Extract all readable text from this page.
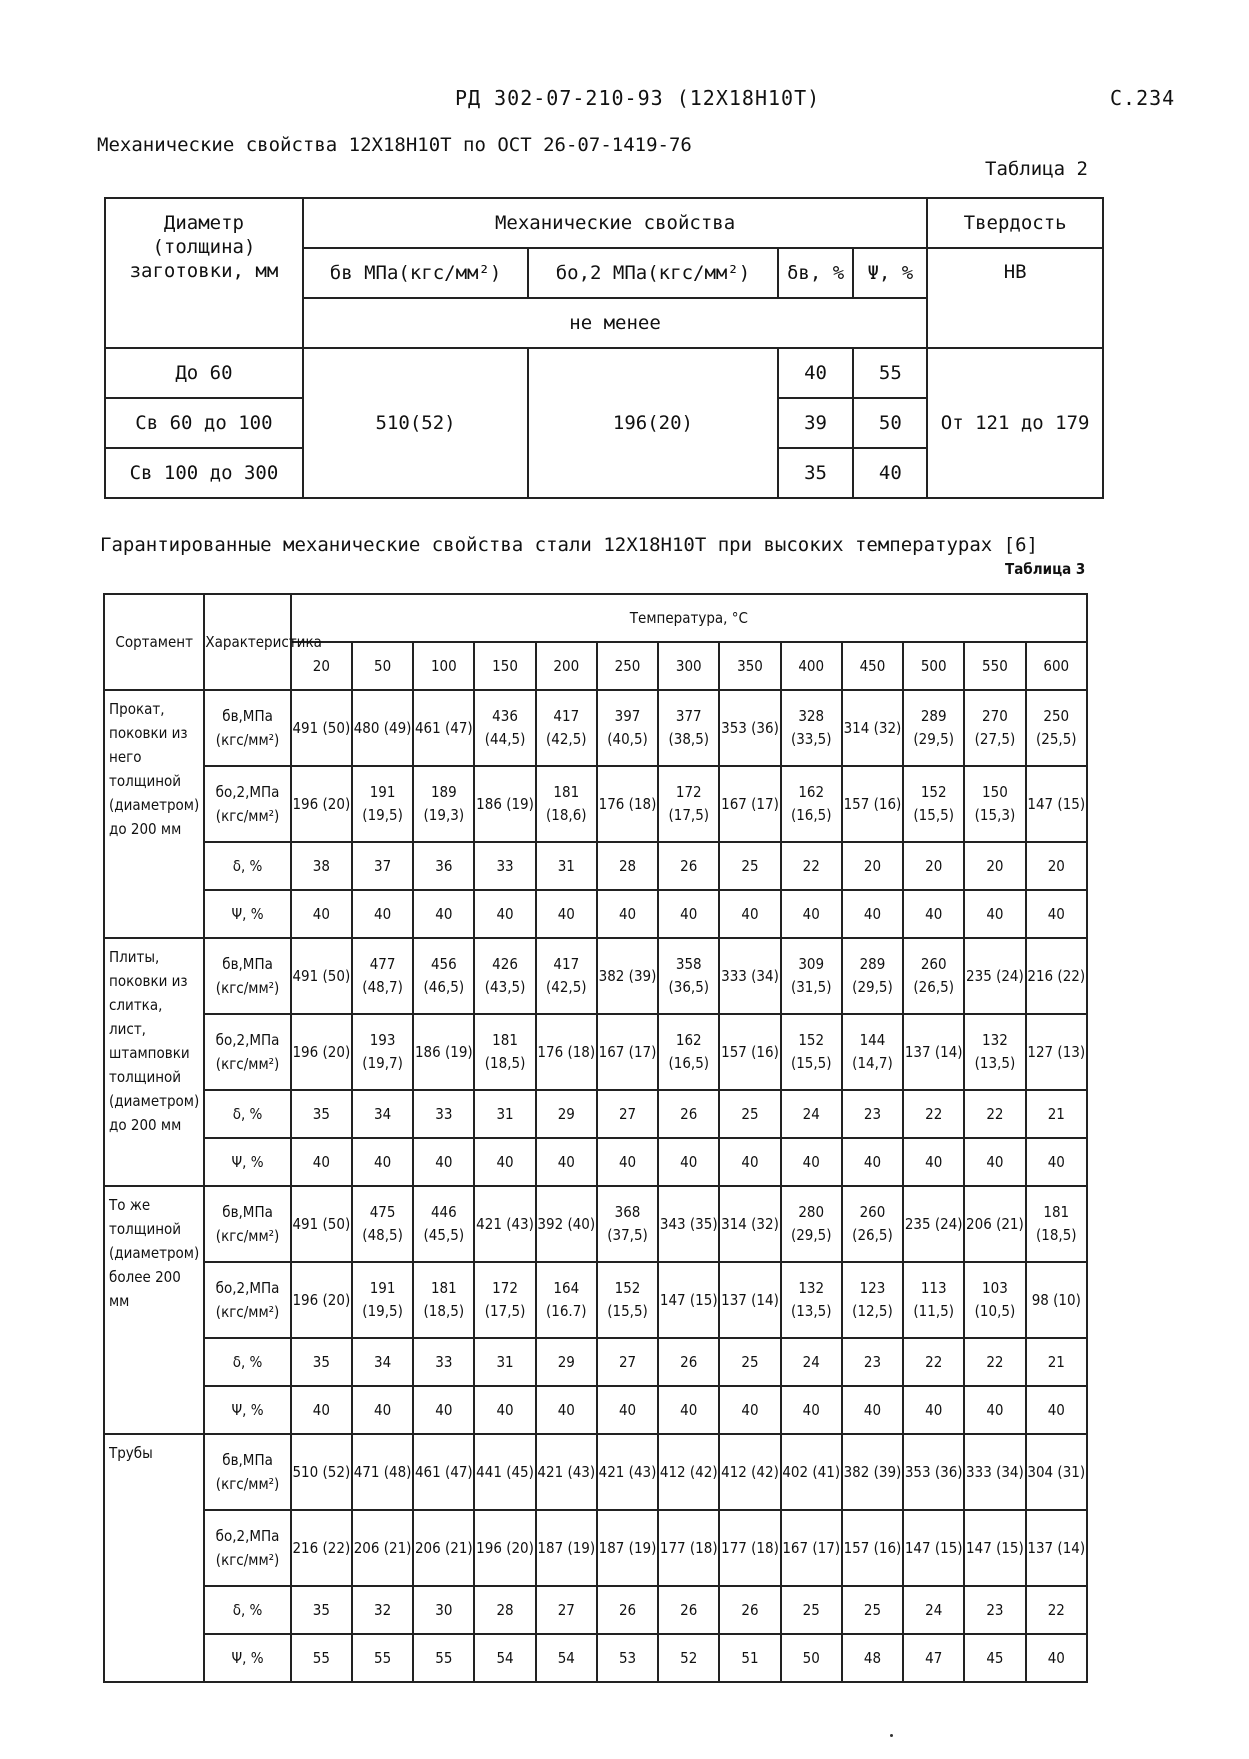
РД 302-07-210-93 (12Х18Н10Т)	С.234
Механические свойства 12Х18Н10Т по ОСТ 26-07-1419-76
Таблица 2
Диаметр (толщина) заготовки, мм	Механические свойства				Твердость
	бв МПа(кгс/мм²)	бо,2 МПа(кгс/мм²)	δв, %	Ψ, %	НВ
	не менее				
До 60	510(52)	196(20)	40	55	От 121 до 179
Св 60 до 100			39	50	
Св 100 до 300			35	40	
Гарантированные механические свойства стали 12Х18Н10Т при высоких температурах [6]
Таблица 3
Сортамент	Характеристика	Температура, °С												
		20	50	100	150	200	250	300	350	400	450	500	550	600
Прокат, поковки из него толщиной (диаметром) до 200 мм	бв,МПа (кгс/мм²)	491 (50)	480 (49)	461 (47)	436 (44,5)	417 (42,5)	397 (40,5)	377 (38,5)	353 (36)	328 (33,5)	314 (32)	289 (29,5)	270 (27,5)	250 (25,5)
	бо,2,МПа (кгс/мм²)	196 (20)	191 (19,5)	189 (19,3)	186 (19)	181 (18,6)	176 (18)	172 (17,5)	167 (17)	162 (16,5)	157 (16)	152 (15,5)	150 (15,3)	147 (15)
	δ, %	38	37	36	33	31	28	26	25	22	20	20	20	20
	Ψ, %	40	40	40	40	40	40	40	40	40	40	40	40	40
Плиты, поковки из слитка, лист, штамповки толщиной (диаметром) до 200 мм	бв,МПа (кгс/мм²)	491 (50)	477 (48,7)	456 (46,5)	426 (43,5)	417 (42,5)	382 (39)	358 (36,5)	333 (34)	309 (31,5)	289 (29,5)	260 (26,5)	235 (24)	216 (22)
	бо,2,МПа (кгс/мм²)	196 (20)	193 (19,7)	186 (19)	181 (18,5)	176 (18)	167 (17)	162 (16,5)	157 (16)	152 (15,5)	144 (14,7)	137 (14)	132 (13,5)	127 (13)
	δ, %	35	34	33	31	29	27	26	25	24	23	22	22	21
	Ψ, %	40	40	40	40	40	40	40	40	40	40	40	40	40
То же толщиной (диаметром) более 200 мм	бв,МПа (кгс/мм²)	491 (50)	475 (48,5)	446 (45,5)	421 (43)	392 (40)	368 (37,5)	343 (35)	314 (32)	280 (29,5)	260 (26,5)	235 (24)	206 (21)	181 (18,5)
	бо,2,МПа (кгс/мм²)	196 (20)	191 (19,5)	181 (18,5)	172 (17,5)	164 (16.7)	152 (15,5)	147 (15)	137 (14)	132 (13,5)	123 (12,5)	113 (11,5)	103 (10,5)	98 (10)
	δ, %	35	34	33	31	29	27	26	25	24	23	22	22	21
	Ψ, %	40	40	40	40	40	40	40	40	40	40	40	40	40
Трубы	бв,МПа (кгс/мм²)	510 (52)	471 (48)	461 (47)	441 (45)	421 (43)	421 (43)	412 (42)	412 (42)	402 (41)	382 (39)	353 (36)	333 (34)	304 (31)
	бо,2,МПа (кгс/мм²)	216 (22)	206 (21)	206 (21)	196 (20)	187 (19)	187 (19)	177 (18)	177 (18)	167 (17)	157 (16)	147 (15)	147 (15)	137 (14)
	δ, %	35	32	30	28	27	26	26	26	25	25	24	23	22
	Ψ, %	55	55	55	54	54	53	52	51	50	48	47	45	40
